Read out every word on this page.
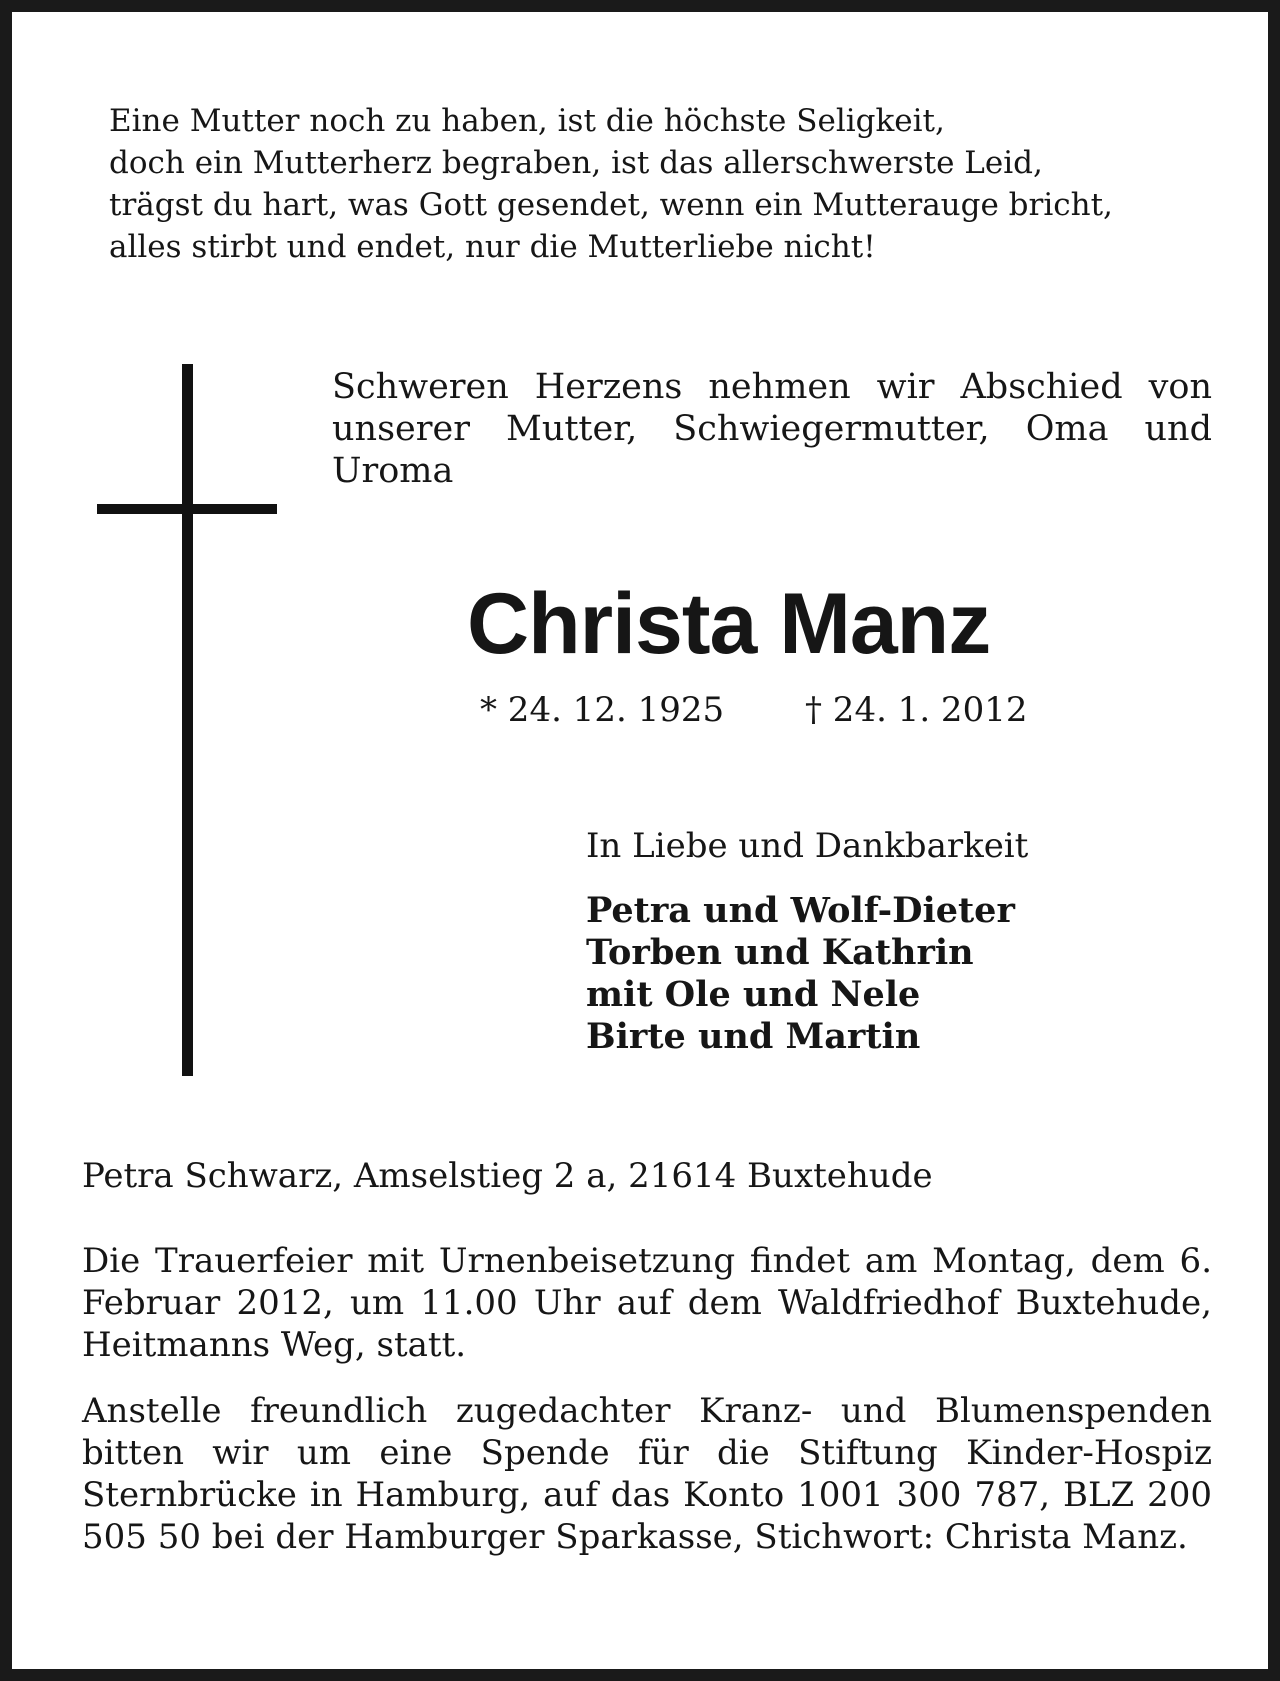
Eine Mutter noch zu haben, ist die höchste Seligkeit,
doch ein Mutterherz begraben, ist das allerschwerste Leid,
trägst du hart, was Gott gesendet, wenn ein Mutterauge bricht,
alles stirbt und endet, nur die Mutterliebe nicht!

Schweren Herzens nehmen wir Abschied von unserer Mutter, Schwiegermutter, Oma und Uroma

Christa Manz
* 24. 12. 1925 † 24. 1. 2012
In Liebe und Dankbarkeit
Petra und Wolf-Dieter
Torben und Kathrin
mit Ole und Nele
Birte und Martin
Petra Schwarz, Amselstieg 2 a, 21614 Buxtehude

Die Trauerfeier mit Urnenbeisetzung findet am Montag, dem 6. Februar 2012, um 11.00 Uhr auf dem Waldfriedhof Buxtehude, Heitmanns Weg, statt.

Anstelle freundlich zugedachter Kranz- und Blumenspenden bitten wir um eine Spende für die Stiftung Kinder-Hospiz Sternbrücke in Hamburg, auf das Konto 1001 300 787, BLZ 200 505 50 bei der Hamburger Sparkasse, Stichwort: Christa Manz.
